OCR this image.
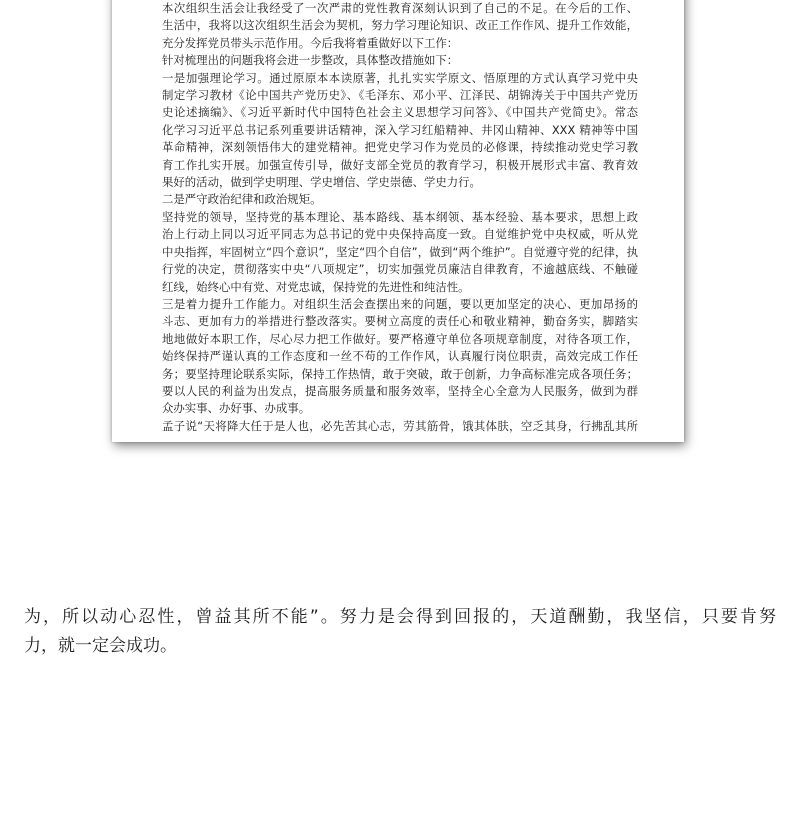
本次组织生活会让我经受了一次严肃的党性教育深刻认识到了自己的不足。在今后的工作、
生活中，我将以这次组织生活会为契机，努力学习理论知识、改正工作作风、提升工作效能，
充分发挥党员带头示范作用。今后我将着重做好以下工作：
针对梳理出的问题我将会进一步整改，具体整改措施如下：
一是加强理论学习。通过原原本本读原著，扎扎实实学原文、悟原理的方式认真学习党中央
制定学习教材《论中国共产党历史》、《毛泽东、邓小平、江泽民、胡锦涛关于中国共产党历
史论述摘编》、《习近平新时代中国特色社会主义思想学习问答》、《中国共产党简史》。常态
化学习习近平总书记系列重要讲话精神，深入学习红船精神、井冈山精神、XXX 精神等中国
革命精神，深刻领悟伟大的建党精神。把党史学习作为党员的必修课，持续推动党史学习教
育工作扎实开展。加强宣传引导，做好支部全党员的教育学习，积极开展形式丰富、教育效
果好的活动，做到学史明理、学史增信、学史崇德、学史力行。
二是严守政治纪律和政治规矩。
坚持党的领导，坚持党的基本理论、基本路线、基本纲领、基本经验、基本要求，思想上政
治上行动上同以习近平同志为总书记的党中央保持高度一致。自觉维护党中央权威，听从党
中央指挥，牢固树立“四个意识”，坚定“四个自信”，做到“两个维护”。自觉遵守党的纪律，执
行党的决定，贯彻落实中央“八项规定”，切实加强党员廉洁自律教育，不逾越底线、不触碰
红线，始终心中有党、对党忠诚，保持党的先进性和纯洁性。
三是着力提升工作能力。对组织生活会查摆出来的问题，要以更加坚定的决心、更加昂扬的
斗志、更加有力的举措进行整改落实。要树立高度的责任心和敬业精神，勤奋务实，脚踏实
地地做好本职工作，尽心尽力把工作做好。要严格遵守单位各项规章制度，对待各项工作，
始终保持严谨认真的工作态度和一丝不苟的工作作风，认真履行岗位职责，高效完成工作任
务；要坚持理论联系实际，保持工作热情，敢于突破，敢于创新，力争高标准完成各项任务；
要以人民的利益为出发点，提高服务质量和服务效率，坚持全心全意为人民服务，做到为群
众办实事、办好事、办成事。
孟子说“天将降大任于是人也，必先苦其心志，劳其筋骨，饿其体肤，空乏其身，行拂乱其所
为，所以动心忍性，曾益其所不能”。努力是会得到回报的，天道酬勤，我坚信，只要肯努
力，就一定会成功。
